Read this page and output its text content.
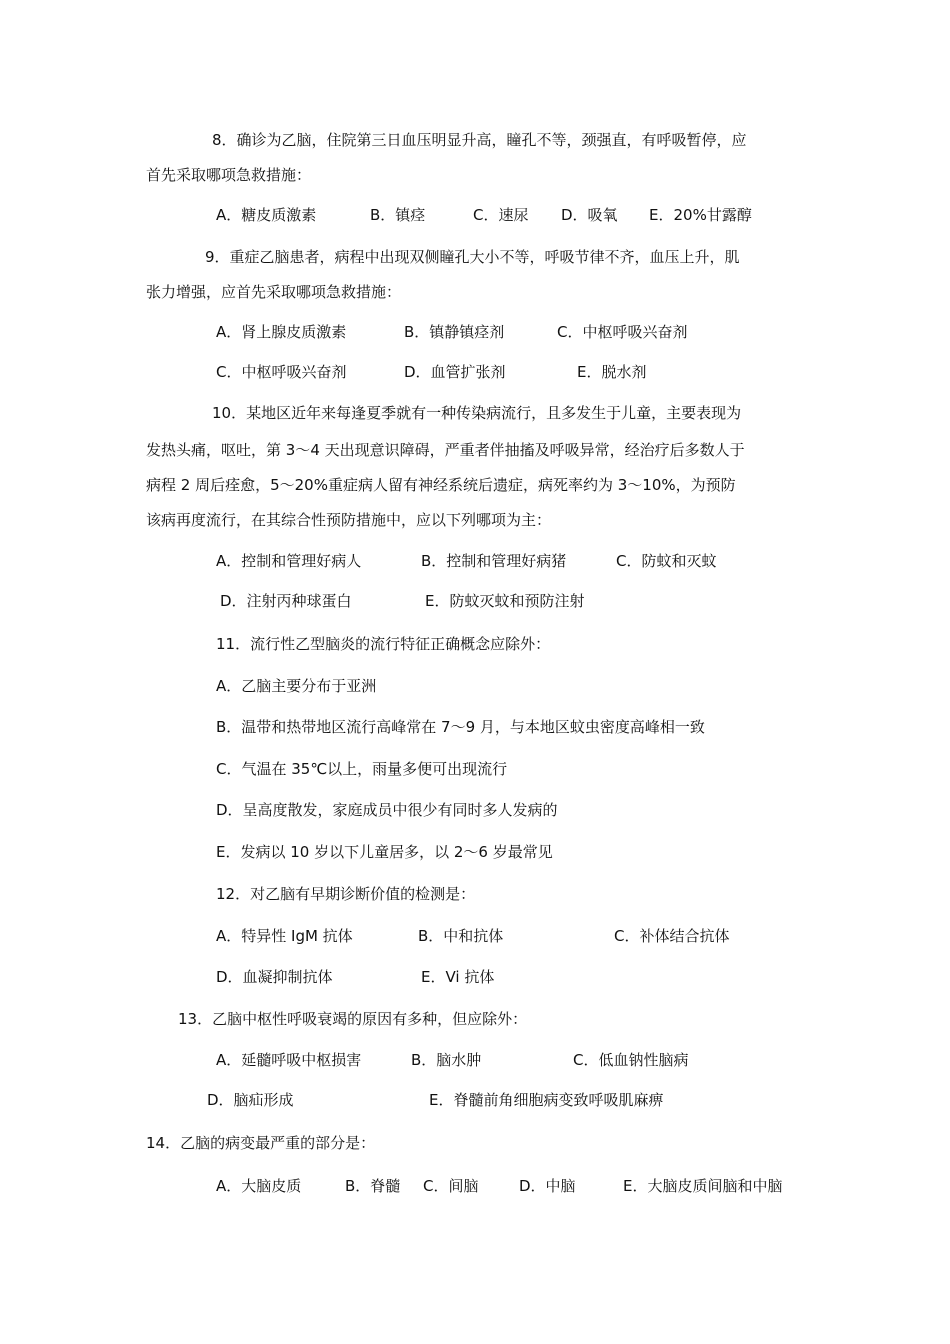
8．确诊为乙脑，住院第三日血压明显升高，瞳孔不等，颈强直，有呼吸暂停，应
首先采取哪项急救措施：
A．糖皮质激素	B．镇痉	C．速尿 D．吸氧 E．20%甘露醇
9．重症乙脑患者，病程中出现双侧瞳孔大小不等，呼吸节律不齐，血压上升，肌
张力增强，应首先采取哪项急救措施：
A．肾上腺皮质激素	B．镇静镇痉剂	C．中枢呼吸兴奋剂
C．中枢呼吸兴奋剂	D．血管扩张剂	E．脱水剂
10．某地区近年来每逢夏季就有一种传染病流行，且多发生于儿童，主要表现为
发热头痛，呕吐，第 3～4 天出现意识障碍，严重者伴抽搐及呼吸异常，经治疗后多数人于
病程 2 周后痊愈，5～20%重症病人留有神经系统后遗症，病死率约为 3～10%，为预防
该病再度流行，在其综合性预防措施中，应以下列哪项为主：
A．控制和管理好病人	B．控制和管理好病猪	C．防蚊和灭蚊
D．注射丙种球蛋白	E．防蚊灭蚊和预防注射
11．流行性乙型脑炎的流行特征正确概念应除外：
A．乙脑主要分布于亚洲
B．温带和热带地区流行高峰常在 7～9 月，与本地区蚊虫密度高峰相一致
C．气温在 35℃以上，雨量多便可出现流行
D．呈高度散发，家庭成员中很少有同时多人发病的
E．发病以 10 岁以下儿童居多，以 2～6 岁最常见
12．对乙脑有早期诊断价值的检测是：
A．特异性 IgM 抗体	B．中和抗体	C．补体结合抗体
D．血凝抑制抗体	E．Vi 抗体
13．乙脑中枢性呼吸衰竭的原因有多种，但应除外：
A．延髓呼吸中枢损害	B．脑水肿	C．低血钠性脑病
D．脑疝形成	E．脊髓前角细胞病变致呼吸肌麻痹
14．乙脑的病变最严重的部分是：
A．大脑皮质	B．脊髓 C．间脑	D．中脑	E．大脑皮质间脑和中脑
